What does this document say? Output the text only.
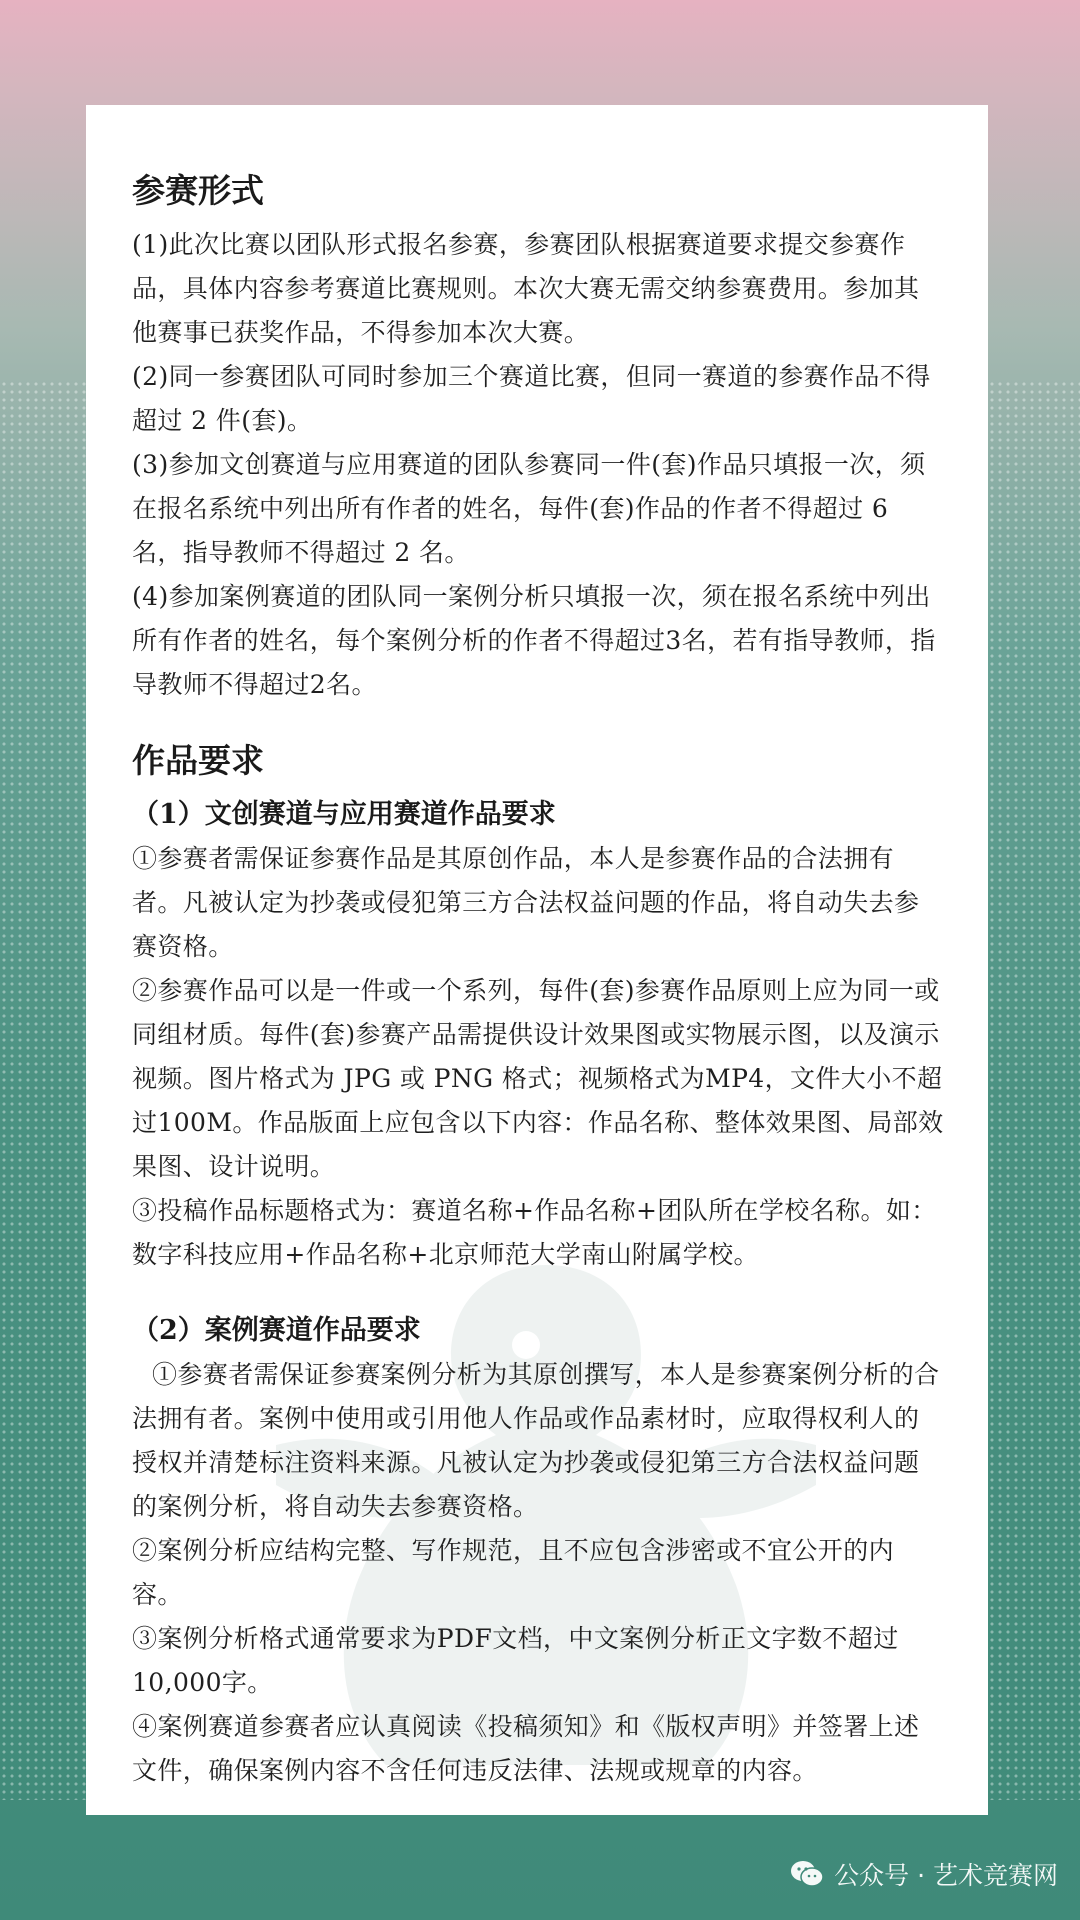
参赛形式

(1)此次比赛以团队形式报名参赛，参赛团队根据赛道要求提交参赛作品，具体内容参考赛道比赛规则。本次大赛无需交纳参赛费用。参加其他赛事已获奖作品，不得参加本次大赛。

(2)同一参赛团队可同时参加三个赛道比赛，但同一赛道的参赛作品不得超过 2 件(套)。

(3)参加文创赛道与应用赛道的团队参赛同一件(套)作品只填报一次，须在报名系统中列出所有作者的姓名，每件(套)作品的作者不得超过 6 名，指导教师不得超过 2 名。

(4)参加案例赛道的团队同一案例分析只填报一次，须在报名系统中列出所有作者的姓名，每个案例分析的作者不得超过3名，若有指导教师，指导教师不得超过2名。

作品要求
（1）文创赛道与应用赛道作品要求

①参赛者需保证参赛作品是其原创作品，本人是参赛作品的合法拥有者。凡被认定为抄袭或侵犯第三方合法权益问题的作品，将自动失去参赛资格。

②参赛作品可以是一件或一个系列，每件(套)参赛作品原则上应为同一或同组材质。每件(套)参赛产品需提供设计效果图或实物展示图，以及演示视频。图片格式为 JPG 或 PNG 格式；视频格式为MP4，文件大小不超过100M。作品版面上应包含以下内容：作品名称、整体效果图、局部效果图、设计说明。

③投稿作品标题格式为：赛道名称+作品名称+团队所在学校名称。如：数字科技应用+作品名称+北京师范大学南山附属学校。

（2）案例赛道作品要求

①参赛者需保证参赛案例分析为其原创撰写，本人是参赛案例分析的合法拥有者。案例中使用或引用他人作品或作品素材时，应取得权利人的授权并清楚标注资料来源。凡被认定为抄袭或侵犯第三方合法权益问题的案例分析，将自动失去参赛资格。

②案例分析应结构完整、写作规范，且不应包含涉密或不宜公开的内容。

③案例分析格式通常要求为PDF文档，中文案例分析正文字数不超过10,000字。

④案例赛道参赛者应认真阅读《投稿须知》和《版权声明》并签署上述文件，确保案例内容不含任何违反法律、法规或规章的内容。

公众号 · 艺术竞赛网
